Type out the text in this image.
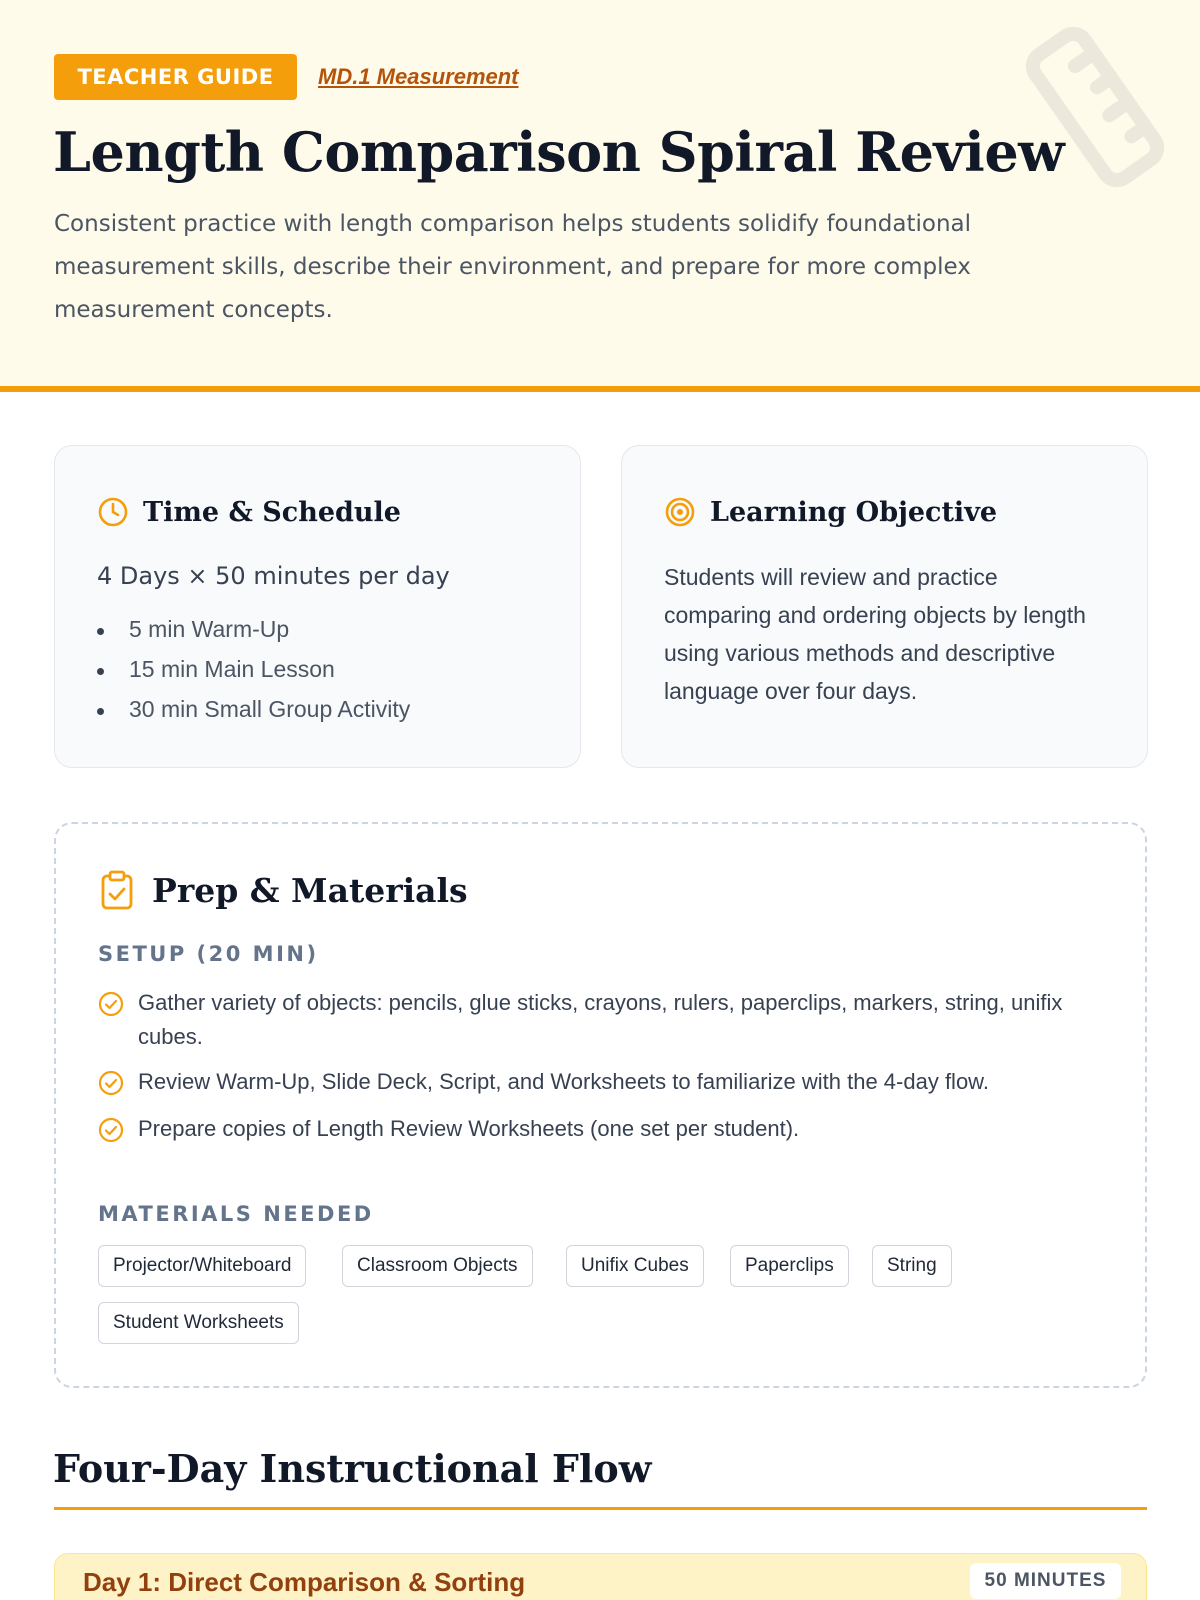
TEACHER GUIDE	MD.1 Measurement
Length Comparison Spiral Review

Consistent practice with length comparison helps students solidify foundational measurement skills, describe their environment, and prepare for more complex measurement concepts.

Time & Schedule
4 Days × 50 minutes per day
5 min Warm-Up
15 min Main Lesson
30 min Small Group Activity
Learning Objective

Students will review and practice comparing and ordering objects by length using various methods and descriptive language over four days.

Prep & Materials
SETUP (20 MIN)
Gather variety of objects: pencils, glue sticks, crayons, rulers, paperclips, markers, string, unifix cubes.
Review Warm-Up, Slide Deck, Script, and Worksheets to familiarize with the 4-day flow.
Prepare copies of Length Review Worksheets (one set per student).
MATERIALS NEEDED
Projector/Whiteboard	Classroom Objects	Unifix Cubes	Paperclips	String
Student Worksheets
Four-Day Instructional Flow
Day 1: Direct Comparison & Sorting	50 MINUTES
